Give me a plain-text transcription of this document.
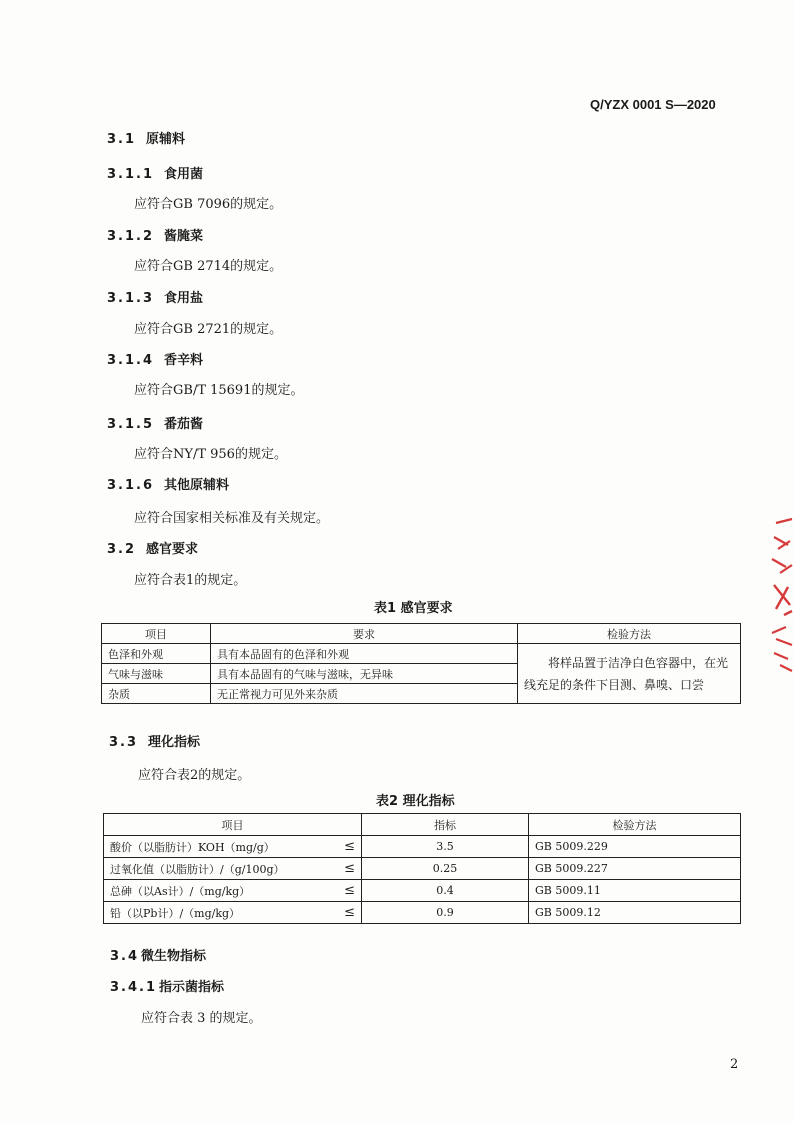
Q/YZX 0001 S—2020
3.1 原辅料
3.1.1 食用菌
应符合GB 7096的规定。
3.1.2 酱腌菜
应符合GB 2714的规定。
3.1.3 食用盐
应符合GB 2721的规定。
3.1.4 香辛料
应符合GB/T 15691的规定。
3.1.5 番茄酱
应符合NY/T 956的规定。
3.1.6 其他原辅料
应符合国家相关标准及有关规定。
3.2 感官要求
应符合表1的规定。
表1 感官要求
项目	要求	检验方法
色泽和外观	具有本品固有的色泽和外观	将样品置于洁净白色容器中，在光线充足的条件下目测、鼻嗅、口尝
气味与滋味	具有本品固有的气味与滋味，无异味	
杂质	无正常视力可见外来杂质	
3.3 理化指标
应符合表2的规定。
表2 理化指标
项目	指标	检验方法
酸价（以脂肪计）KOH（mg/g） ≤	3.5	GB 5009.229
过氧化值（以脂肪计）/（g/100g） ≤	0.25	GB 5009.227
总砷（以As计）/（mg/kg） ≤	0.4	GB 5009.11
铅（以Pb计）/（mg/kg） ≤	0.9	GB 5009.12
3.4 微生物指标
3.4.1 指示菌指标
应符合表 3 的规定。
2
